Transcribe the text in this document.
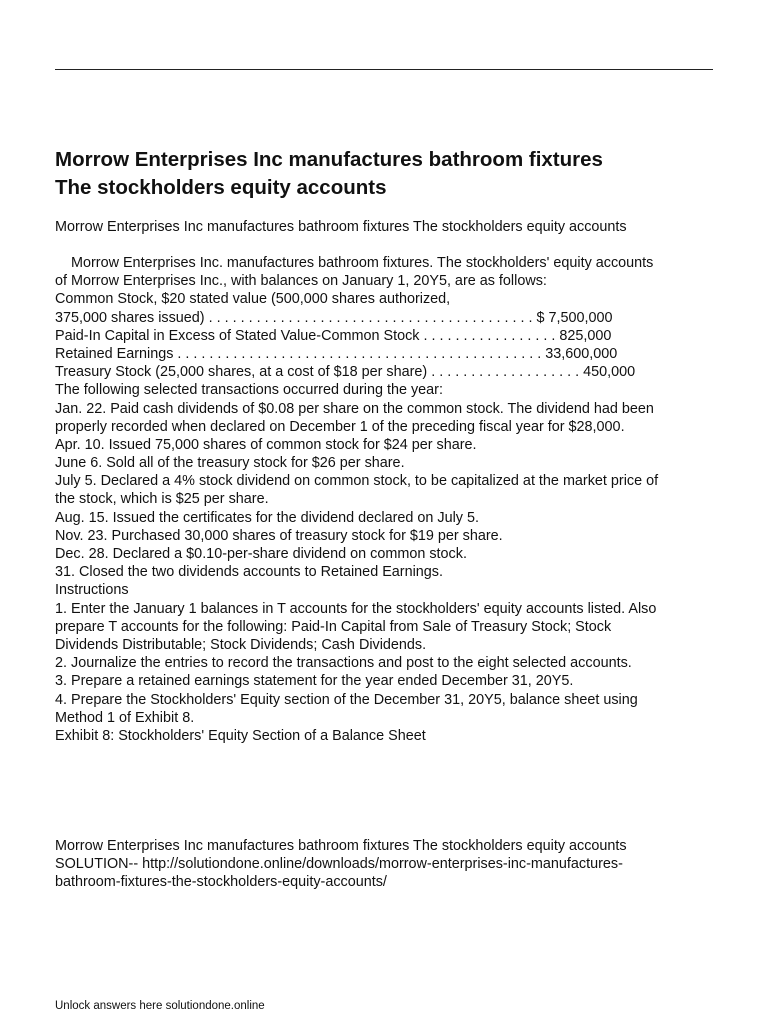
Morrow Enterprises Inc manufactures bathroom fixtures
The stockholders equity accounts
Morrow Enterprises Inc manufactures bathroom fixtures The stockholders equity accounts
Morrow Enterprises Inc. manufactures bathroom fixtures. The stockholders' equity accounts
of Morrow Enterprises Inc., with balances on January 1, 20Y5, are as follows:
Common Stock, $20 stated value (500,000 shares authorized,
375,000 shares issued) . . . . . . . . . . . . . . . . . . . . . . . . . . . . . . . . . . . . . . . . . $ 7,500,000
Paid-In Capital in Excess of Stated Value-Common Stock . . . . . . . . . . . . . . . . . 825,000
Retained Earnings . . . . . . . . . . . . . . . . . . . . . . . . . . . . . . . . . . . . . . . . . . . . . . 33,600,000
Treasury Stock (25,000 shares, at a cost of $18 per share) . . . . . . . . . . . . . . . . . . . 450,000
The following selected transactions occurred during the year:
Jan. 22. Paid cash dividends of $0.08 per share on the common stock. The dividend had been
properly recorded when declared on December 1 of the preceding fiscal year for $28,000.
Apr. 10. Issued 75,000 shares of common stock for $24 per share.
June 6. Sold all of the treasury stock for $26 per share.
July 5. Declared a 4% stock dividend on common stock, to be capitalized at the market price of
the stock, which is $25 per share.
Aug. 15. Issued the certificates for the dividend declared on July 5.
Nov. 23. Purchased 30,000 shares of treasury stock for $19 per share.
Dec. 28. Declared a $0.10-per-share dividend on common stock.
31. Closed the two dividends accounts to Retained Earnings.
Instructions
1. Enter the January 1 balances in T accounts for the stockholders' equity accounts listed. Also
prepare T accounts for the following: Paid-In Capital from Sale of Treasury Stock; Stock
Dividends Distributable; Stock Dividends; Cash Dividends.
2. Journalize the entries to record the transactions and post to the eight selected accounts.
3. Prepare a retained earnings statement for the year ended December 31, 20Y5.
4. Prepare the Stockholders' Equity section of the December 31, 20Y5, balance sheet using
Method 1 of Exhibit 8.
Exhibit 8: Stockholders' Equity Section of a Balance Sheet
Morrow Enterprises Inc manufactures bathroom fixtures The stockholders equity accounts
SOLUTION-- http://solutiondone.online/downloads/morrow-enterprises-inc-manufactures-
bathroom-fixtures-the-stockholders-equity-accounts/
Unlock answers here solutiondone.online
